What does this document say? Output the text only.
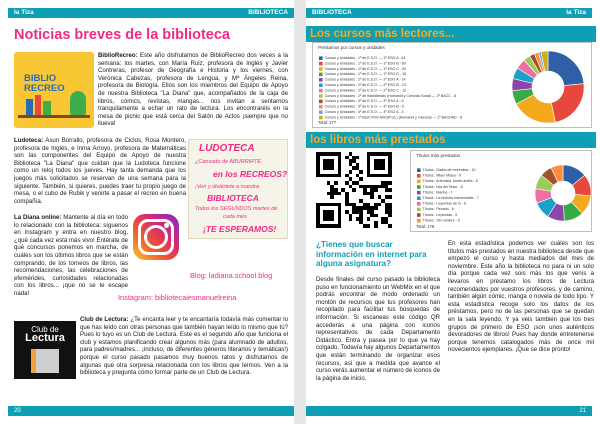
la Tiza	BIBLIOTECA
Noticias breves de la biblioteca
BIBLIO
RECREO

BiblioRecreo: Este año disfrutamos de BiblioRecreo dos veces a la semana: los martes, con María Ruiz, profesora de Inglés y Javier Contreras, profesor de Geografía e Historia y los viernes, con Verónica Cabezas, profesora de Lengua, y Mª Ángeles Reina, profesora de Biología. Ellos son los miembros del Equipo de Apoyo de nuestra Biblioteca "La Diana" que, acompañados de la caja de libros, cómics, revistas, mangas... nos invitan a sentarnos tranquilamente a echar un rato de lectura. Los encontraréis en la mesa de picnic que está cerca del Salón de Actos ¡siempre que no llueva!

Ludoteca: Asun Borrallo, profesora de Ciclos, Rosa Montero, profesora de Inglés, e Inma Arroyo, profesora de Matemáticas son las componentes del Equipo de Apoyo de nuestra Biblioteca "La Diana" que cuidan que la Ludoteca funcione como un reloj todos los jueves. Hay tanta demanda que los juegos más solicitados se reservan de una semana para la siguiente. También, si quieres, puedes traer tu propio juego de mesa, o el cubo de Rubik y venirte a pasar el recreo en buena compañía.

LUDOTECA
¿Cansado de ABURRIRTE
en los RECREOS?
¡Ven y diviértete a nuestra
BIBLIOTECA
Todos los SEGUNDOS martes de
cada mes
¡TE ESPERAMOS!

La Diana online: Mantente al día en todo lo relacionado con la biblioteca: síguenos en Instagram y entra en nuestro blog, ¿qué cada vez está más vivo! Entérate de qué concursos ponemos en marcha, de cuáles son los últimos libros que se están comprando, de los torneos de libros, las recomendaciones, las celebraciones de efemérides, curiosidades relacionadas con los libros... ¡que no se te escape nada!

Blog: ladiana.school.blog
Instagram: bibliotecaiesmanuelreina
Club de
Lectura

Club de Lectura: ¿Te encanta leer y te encantaría todavía más comentar lo que has leído con otras personas que también hayan leído lo mismo que tú? Pues lo tuyo es un Club de Lectura. Este es el segundo año que funciona el club y estamos planificando crear algunos más (para alumnado de adultos, para padres/madres... ¡incluso, de diferentes géneros literarios y temáticas!) porque el curso pasado pasamos muy buenos ratos y disfrutamos de algunas que otra sorpresa relacionada con los libros que leímos. Ven a la biblioteca y pregunta cómo formar parte de un Club de Lectura.

20
BIBLIOTECA	la Tiza
Los cursos más lectores...
Préstamos por cursos y unidades
Cursos y Unidades : 1º de E.S.O. — 1º ESO A - 61
Cursos y Unidades : 1º de E.S.O. — 1º ESO B - 60
Cursos y Unidades : 1º de E.S.O. — 1º ESO C - 53
Cursos y Unidades : 1º de E.S.O. — 1º ESO D - 16
Cursos y Unidades : 2º de E.S.O. — 2º ESO A - 14
Cursos y Unidades : 2º de E.S.O. — 2º ESO B - 13
Cursos y Unidades : 2º de E.S.O. — 2º ESO C - 12
Cursos y Unidades : 2º de Bachillerato (Humanid y Ciencias Social — 2º BACC - 8
Cursos y Unidades : 3º de E.S.O. — 3º ESO A - 6
Cursos y Unidades : 3º de E.S.O. — 3º ESO B - 5
Cursos y Unidades : 4º de E.S.O. — 4º ESO A - 3
Cursos y Unidades : 1º Bach Prim Artic(Pros.) (Humanid y Ciencias — 1º BACHAD - 8
Total: 277
los libros más prestados
Títulos más prestados
Títulos : Diablo de morenitos - 10
Títulos : Miau! Miauu - 9
Títulos : Artemisia, fuerte araña - 8
Títulos : Isla del Tesor - 8
Títulos : Marina - 7
Títulos : La historia interminable - 7
Títulos : Leyendas de G - 6
Títulos : Pecado - 6
Títulos : Leyendas - 5
Títulos : Sin nombre - 5
Total: 176
¿Tienes que buscar información en internet para alguna asignatura?

Desde finales del curso pasado la biblioteca puso en funcionamiento un WebMix en el que podrás encontrar de modo ordenado un montón de recursos que tus profesores han recopilado para facilitar tus búsquedas de información. Si escaneas este código QR accederás a una página con iconos representativos de cada Departamento Didáctico. Entra y pasea por lo que ya hay colgado. Todavía hay algunos Departamentos que están terminando de organizar esos recursos, así que a medida que avance el curso verás aumentar el número de iconos de la página de inicio.

En esta estadística podemos ver cuáles son los títulos más prestados en nuestra biblioteca desde que empezó el curso y hasta mediados del mes de noviembre. Este año la biblioteca no para ni un solo día porque cada vez sois más los que venís a llevaros en préstamo los libros de Lectura recomendados por vuestros profesores, y de camino, también algún cómic, manga o novela de todo tipo. Y esta estadística recoge solo los datos de los préstamos, pero no de las personas que se quedan en la sala leyendo. Y ya veis también que los tres grupos de primero de ESO ¡son unos auténticos devoradores de libros! Pues hay donde entretenerse porque tenemos catalogados más de once mil novecientos ejemplares. ¡Que se dice pronto!

21
